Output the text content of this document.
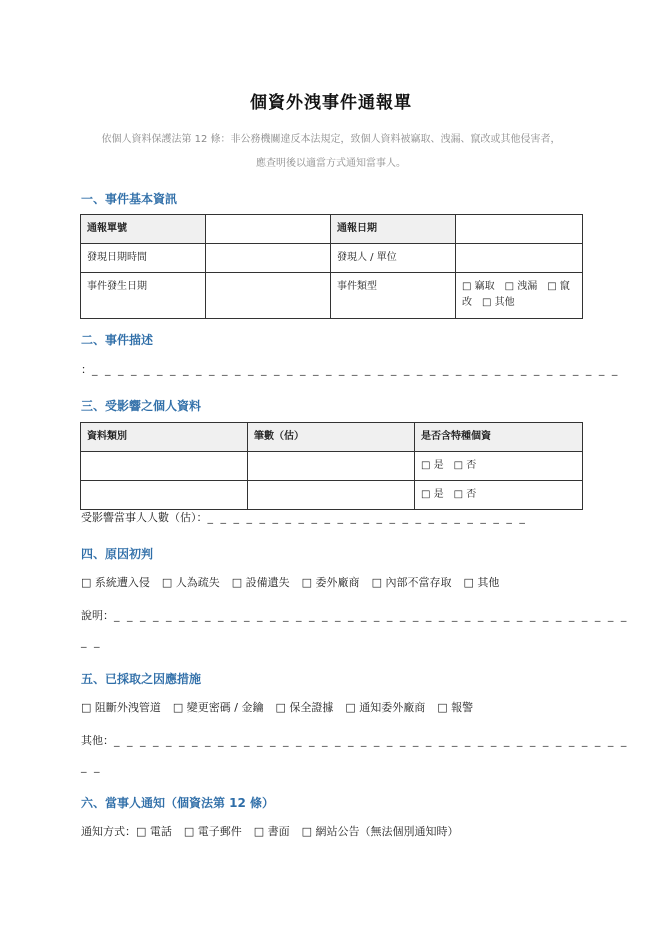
個資外洩事件通報單
依個人資料保護法第 12 條：非公務機關違反本法規定，致個人資料被竊取、洩漏、竄改或其他侵害者，
應查明後以適當方式通知當事人。
一、事件基本資訊
通報單號		通報日期	
發現日期時間		發現人 / 單位	
事件發生日期		事件類型	□ 竊取　□ 洩漏　□ 竄
改　□ 其他
二、事件描述
：_ _ _ _ _ _ _ _ _ _ _ _ _ _ _ _ _ _ _ _ _ _ _ _ _ _ _ _ _ _ _ _ _ _ _ _ _ _ _ _ _
三、受影響之個人資料
資料類別	筆數（估）	是否含特種個資
		□ 是　□ 否
		□ 是　□ 否
受影響當事人人數（估）：_ _ _ _ _ _ _ _ _ _ _ _ _ _ _ _ _ _ _ _ _ _ _ _ _
四、原因初判
□ 系統遭入侵 □ 人為疏失 □ 設備遺失 □ 委外廠商 □ 內部不當存取 □ 其他
說明：_ _ _ _ _ _ _ _ _ _ _ _ _ _ _ _ _ _ _ _ _ _ _ _ _ _ _ _ _ _ _ _ _ _ _ _ _ _ _ _
_ _
五、已採取之因應措施
□ 阻斷外洩管道 □ 變更密碼 / 金鑰 □ 保全證據 □ 通知委外廠商 □ 報警
其他：_ _ _ _ _ _ _ _ _ _ _ _ _ _ _ _ _ _ _ _ _ _ _ _ _ _ _ _ _ _ _ _ _ _ _ _ _ _ _ _
_ _
六、當事人通知（個資法第 12 條）
通知方式：□ 電話 □ 電子郵件 □ 書面 □ 網站公告（無法個別通知時）
